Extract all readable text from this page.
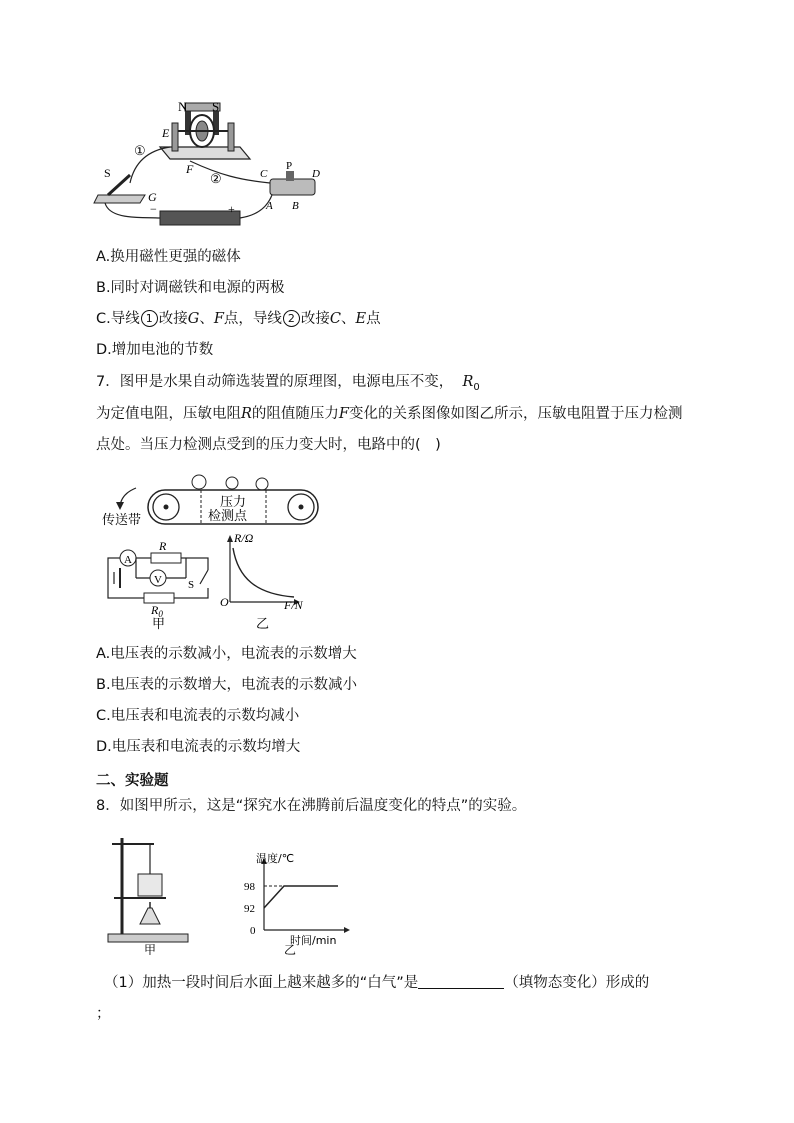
N S
E
F
①
②
S
G
C
P
D
A B
−	+
A.换用磁性更强的磁体
B.同时对调磁铁和电源的两极
C.导线 1 改接G、F点，导线 2 改接C、E点
D.增加电池的节数
7．图甲是水果自动筛选装置的原理图，电源电压不变， $R_0$
为定值电阻，压敏电阻R的阻值随压力F变化的关系图像如图乙所示，压敏电阻置于压力检测点处。当压力检测点受到的压力变大时，电路中的(　)
压力
检测点
传送带
A
R
V
$R_0$
S
甲
R/Ω
O	F/N
乙
A.电压表的示数减小，电流表的示数增大
B.电压表的示数增大，电流表的示数减小
C.电压表和电流表的示数均减小
D.电压表和电流表的示数均增大
二、实验题
8．如图甲所示，这是“探究水在沸腾前后温度变化的特点”的实验。
甲
温度/℃
时间/min
98
92
0
乙
（1）加热一段时间后水面上越来越多的“白气”是	（填物态变化）形成的
；
